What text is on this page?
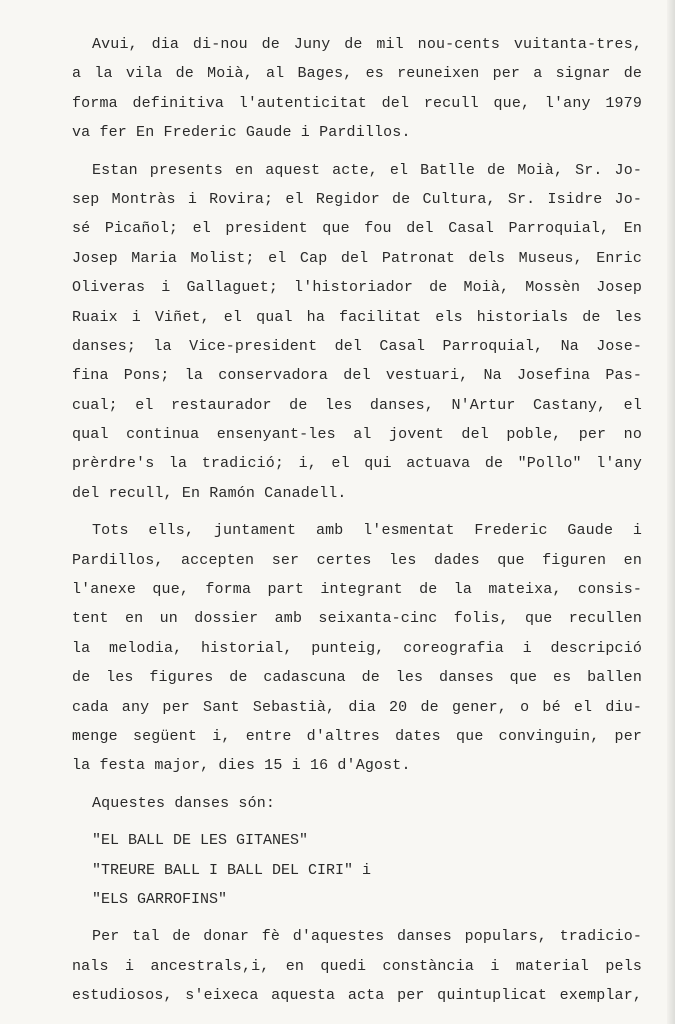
Avui, dia di-nou de Juny de mil nou-cents vuitanta-tres,
a la vila de Moià, al Bages, es reuneixen per a signar de
forma definitiva l'autenticitat del recull que, l'any 1979
va fer En Frederic Gaude i Pardillos.
Estan presents en aquest acte, el Batlle de Moià, Sr. Jo-
sep Montràs i Rovira; el Regidor de Cultura, Sr. Isidre Jo-
sé Picañol; el president que fou del Casal Parroquial, En
Josep Maria Molist; el Cap del Patronat dels Museus, Enric
Oliveras i Gallaguet; l'historiador de Moià, Mossèn Josep
Ruaix i Viñet, el qual ha facilitat els historials de les
danses; la Vice-president del Casal Parroquial, Na Jose-
fina Pons; la conservadora del vestuari, Na Josefina Pas-
cual; el restaurador de les danses, N'Artur Castany, el
qual continua ensenyant-les al jovent del poble, per no
prèrdre's la tradició; i, el qui actuava de "Pollo" l'any
del recull, En Ramón Canadell.
Tots ells, juntament amb l'esmentat Frederic Gaude i
Pardillos, accepten ser certes les dades que figuren en
l'anexe que, forma part integrant de la mateixa, consis-
tent en un dossier amb seixanta-cinc folis, que recullen
la melodia, historial, punteig, coreografia i descripció
de les figures de cadascuna de les danses que es ballen
cada any per Sant Sebastià, dia 20 de gener, o bé el diu-
menge següent i, entre d'altres dates que convinguin, per
la festa major, dies 15 i 16 d'Agost.
Aquestes danses són:
"EL BALL DE LES GITANES"
"TREURE BALL I BALL DEL CIRI" i
"ELS GARROFINS"
Per tal de donar fè d'aquestes danses populars, tradicio-
nals i ancestrals,i, en quedi constància i material pels
estudiosos, s'eixeca aquesta acta per quintuplicat exemplar,
